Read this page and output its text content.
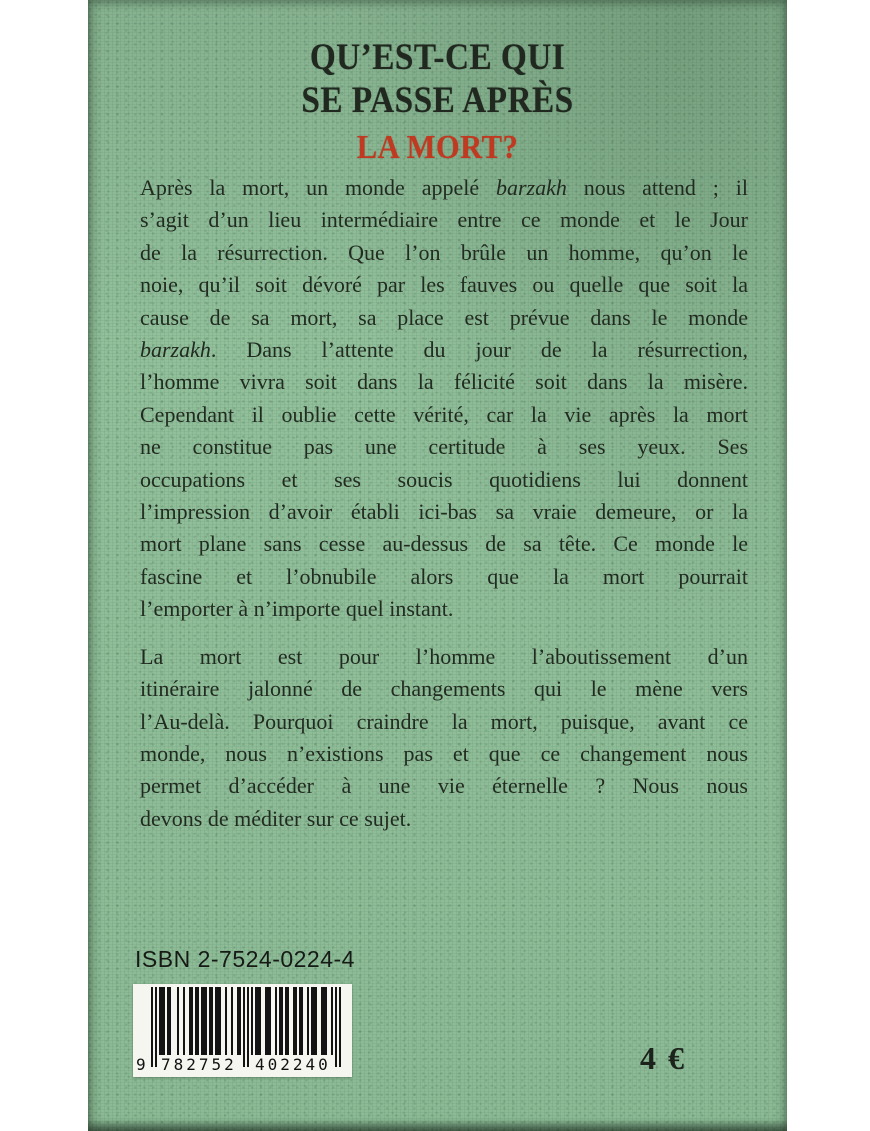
QU’EST-CE QUI
SE PASSE APRÈS
LA MORT?
Après la mort, un monde appelé barzakh nous attend ; il
s’agit d’un lieu intermédiaire entre ce monde et le Jour
de la résurrection. Que l’on brûle un homme, qu’on le
noie, qu’il soit dévoré par les fauves ou quelle que soit la
cause de sa mort, sa place est prévue dans le monde
barzakh. Dans l’attente du jour de la résurrection,
l’homme vivra soit dans la félicité soit dans la misère.
Cependant il oublie cette vérité, car la vie après la mort
ne constitue pas une certitude à ses yeux. Ses
occupations et ses soucis quotidiens lui donnent
l’impression d’avoir établi ici-bas sa vraie demeure, or la
mort plane sans cesse au-dessus de sa tête. Ce monde le
fascine et l’obnubile alors que la mort pourrait
l’emporter à n’importe quel instant.
La mort est pour l’homme l’aboutissement d’un
itinéraire jalonné de changements qui le mène vers
l’Au-delà. Pourquoi craindre la mort, puisque, avant ce
monde, nous n’existions pas et que ce changement nous
permet d’accéder à une vie éternelle ? Nous nous
devons de méditer sur ce sujet.
ISBN 2-7524-0224-4
9 782752 402240	4 €
